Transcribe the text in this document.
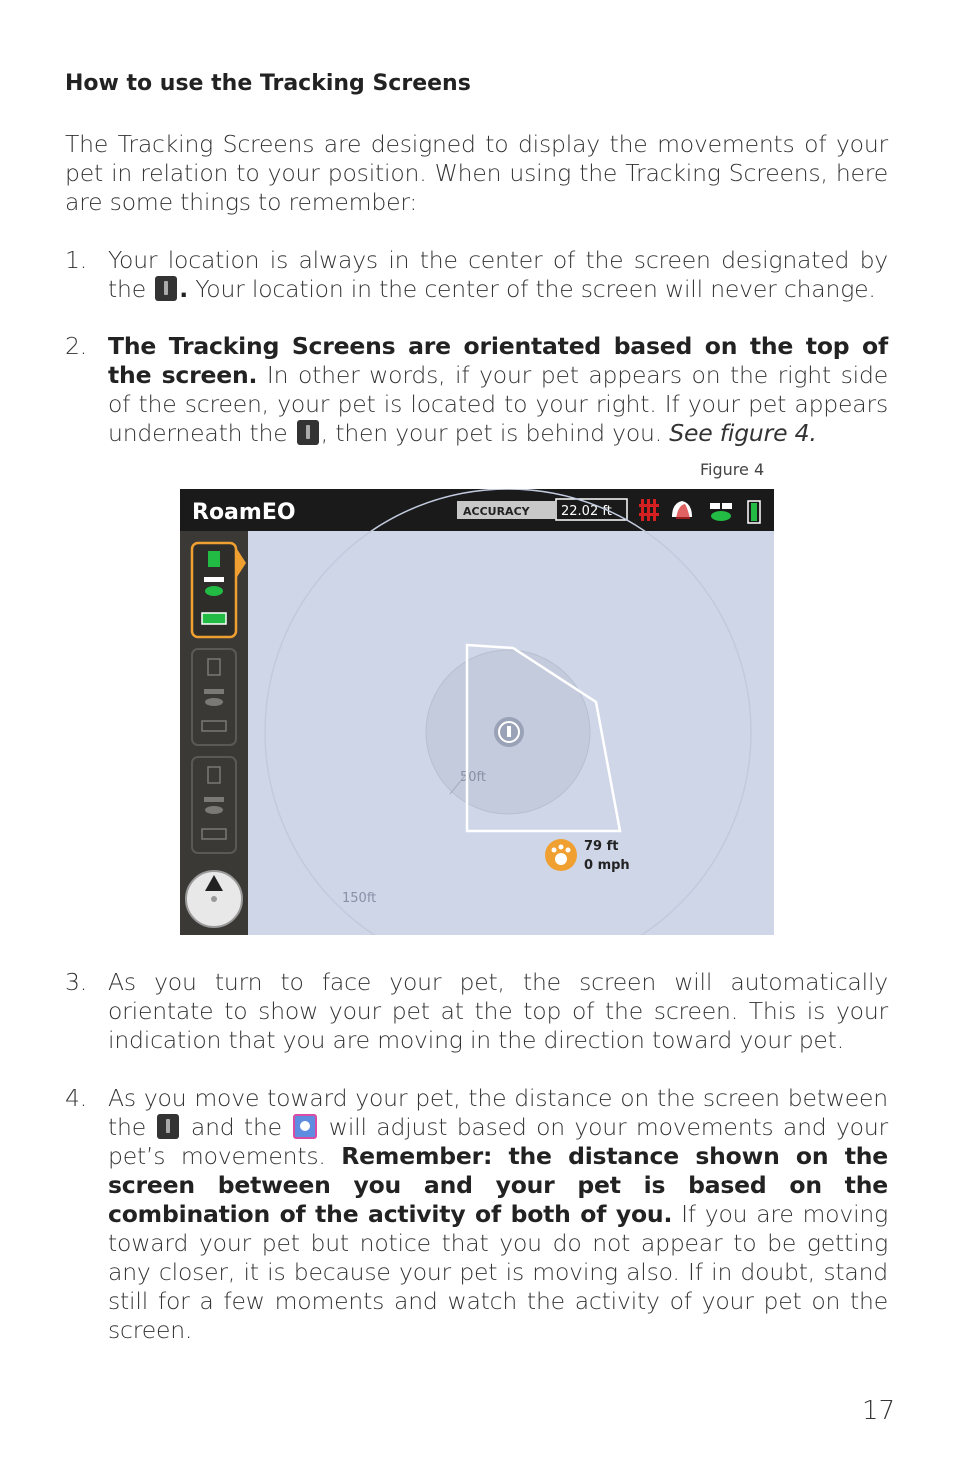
How to use the Tracking Screens
The Tracking Screens are designed to display the movements of your pet in relation to your position. When using the Tracking Screens, here are some things to remember:
1. Your location is always in the center of the screen designated by the . Your location in the center of the screen will never change.
2. The Tracking Screens are orientated based on the top of the screen. In other words, if your pet appears on the right side of the screen, your pet is located to your right. If your pet appears underneath the , then your pet is behind you. See figure 4.
Figure 4
RoamEO	ACCURACY 22.02 ft
50ft
150ft
79 ft
0 mph
3. As you turn to face your pet, the screen will automatically orientate to show your pet at the top of the screen. This is your indication that you are moving in the direction toward your pet.
4. As you move toward your pet, the distance on the screen between the  and the  will adjust based on your movements and your pet’s movements. Remember: the distance shown on the screen between you and your pet is based on the combination of the activity of both of you. If you are moving toward your pet but notice that you do not appear to be getting any closer, it is because your pet is moving also. If in doubt, stand still for a few moments and watch the activity of your pet on the screen.
17
